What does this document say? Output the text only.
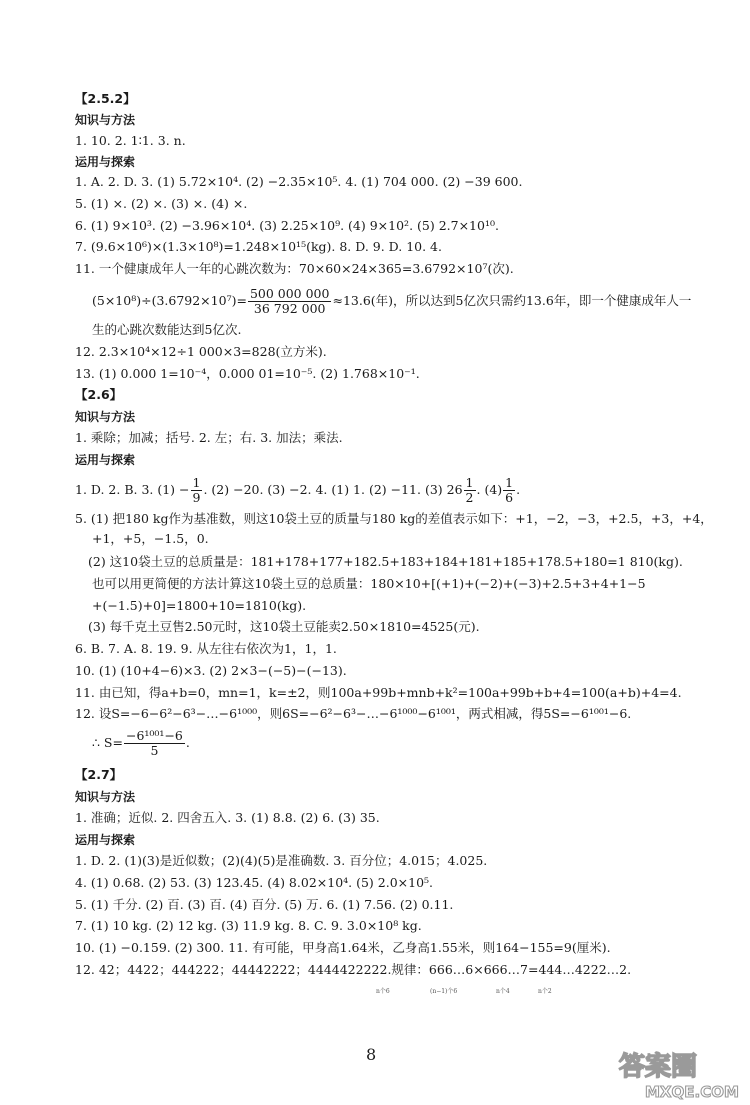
【2.5.2】
知识与方法
1. 10. 2. 1∶1. 3. n.
运用与探索
1. A. 2. D. 3. (1) 5.72×10⁴. (2) −2.35×10⁵. 4. (1) 704 000. (2) −39 600.
5. (1) ×. (2) ×. (3) ×. (4) ×.
6. (1) 9×10³. (2) −3.96×10⁴. (3) 2.25×10⁹. (4) 9×10². (5) 2.7×10¹⁰.
7. (9.6×10⁶)×(1.3×10⁸)=1.248×10¹⁵(kg). 8. D. 9. D. 10. 4.
11. 一个健康成年人一年的心跳次数为：70×60×24×365=3.6792×10⁷(次).
$(5\times 10^8)\div(3.6792\times 10^7)= \frac{500 000 000}{36 792 000} \approx 13.6$(年)，所以达到5亿次只需约13.6年，即一个健康成年人一
生的心跳次数能达到5亿次.
12. 2.3×10⁴×12÷1 000×3=828(立方米).
13. (1) 0.000 1=10⁻⁴，0.000 01=10⁻⁵. (2) 1.768×10⁻¹.
【2.6】
知识与方法
1. 乘除；加减；括号. 2. 左；右. 3. 加法；乘法.
运用与探索
1. D. 2. B. 3. $(1) - \frac{1}{9}$ . (2) −20. (3) −2. 4. (1) 1. (2) −11. (3) $26 \frac{1}{2}$ . $(4) \frac{1}{6}$ .
5. (1) 把180 kg作为基准数，则这10袋土豆的质量与180 kg的差值表示如下：+1，−2，−3，+2.5，+3，+4，
+1，+5，−1.5，0.
(2) 这10袋土豆的总质量是：181+178+177+182.5+183+184+181+185+178.5+180=1 810(kg).
也可以用更简便的方法计算这10袋土豆的总质量：180×10+[(+1)+(−2)+(−3)+2.5+3+4+1−5
+(−1.5)+0]=1800+10=1810(kg).
(3) 每千克土豆售2.50元时，这10袋土豆能卖2.50×1810=4525(元).
6. B. 7. A. 8. 19. 9. 从左往右依次为1，1，1.
10. (1) (10+4−6)×3. (2) 2×3−(−5)−(−13).
11. 由已知，得a+b=0，mn=1，k=±2，则100a+99b+mnb+k²=100a+99b+b+4=100(a+b)+4=4.
12. 设S=−6−6²−6³−…−6¹⁰⁰⁰，则6S=−6²−6³−…−6¹⁰⁰⁰−6¹⁰⁰¹，两式相减，得5S=−6¹⁰⁰¹−6.
∴ $S= \frac{\text{−6¹⁰⁰¹−6}}{5}$ .
【2.7】
知识与方法
1. 准确；近似. 2. 四舍五入. 3. (1) 8.8. (2) 6. (3) 35.
运用与探索
1. D. 2. (1)(3)是近似数；(2)(4)(5)是准确数. 3. 百分位；4.015；4.025.
4. (1) 0.68. (2) 53. (3) 123.45. (4) 8.02×10⁴. (5) 2.0×10⁵.
5. (1) 千分. (2) 百. (3) 百. (4) 百分. (5) 万. 6. (1) 7.56. (2) 0.11.
7. (1) 10 kg. (2) 12 kg. (3) 11.9 kg. 8. C. 9. 3.0×10⁸ kg.
10. (1) −0.159. (2) 300. 11. 有可能，甲身高1.64米，乙身高1.55米，则164−155=9(厘米).
12. 42；4422；444222；44442222；4444422222.规律：666…6×666…7=444…4222…2.
n个6	(n−1)个6	n个4	n个2
8	答案圈
MXQE.COM
